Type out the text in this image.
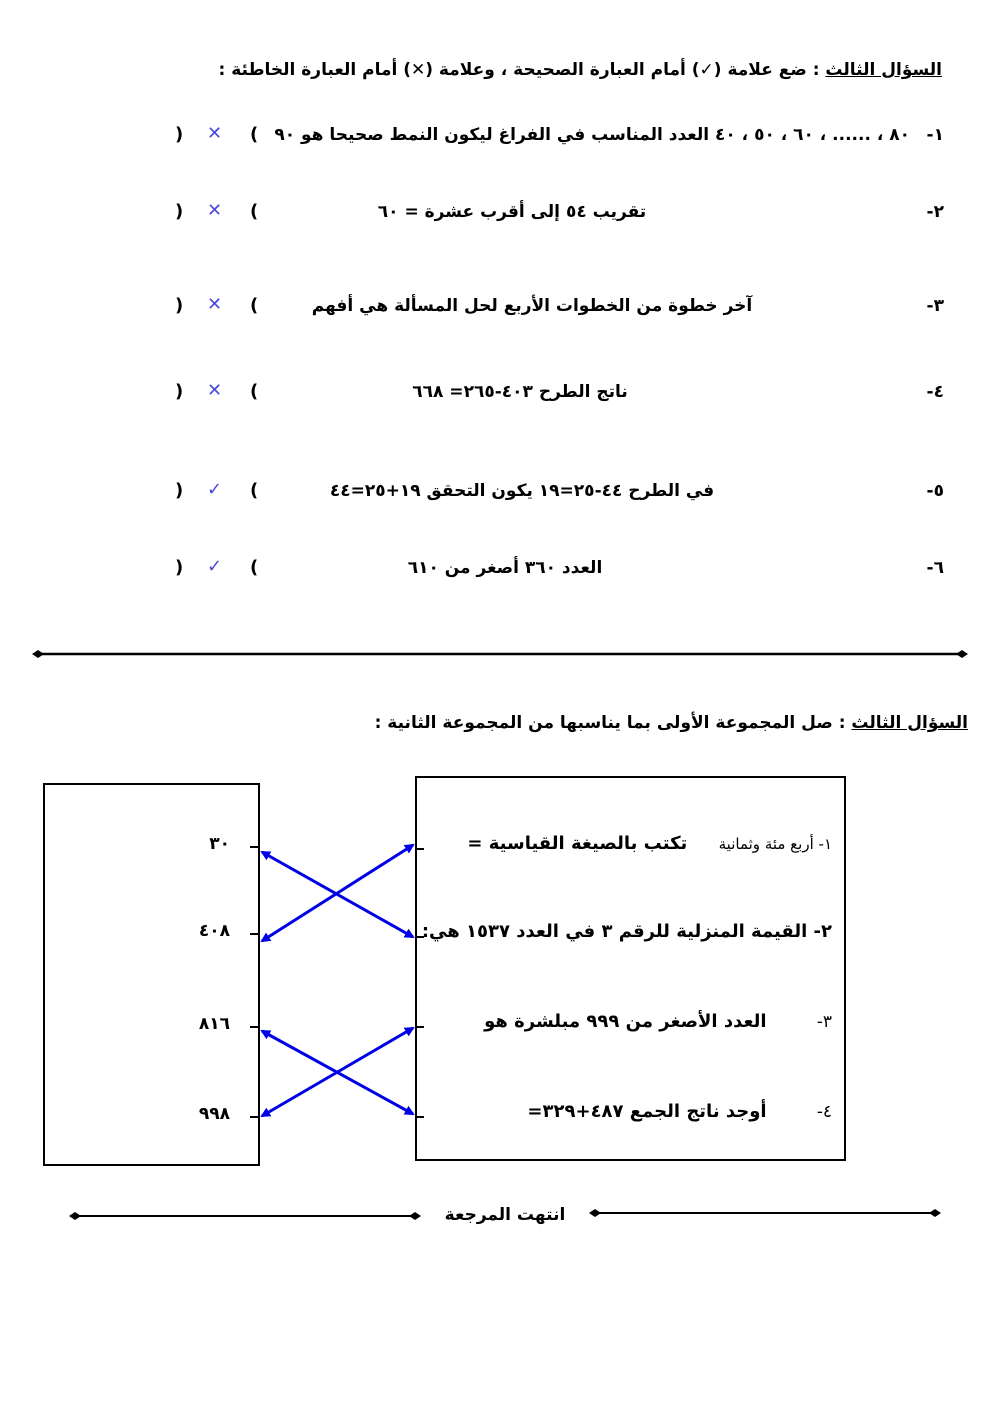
السؤال الثالث : ضع علامة (✓) أمام العبارة الصحيحة ، وعلامة (✕) أمام العبارة الخاطئة :
١-
٨٠ ، ...... ، ٦٠ ، ٥٠ ، ٤٠ العدد المناسب في الفراغ ليكون النمط صحيحا هو ٩٠
(
✕
)
٢-
تقريب ٥٤ إلى أقرب عشرة = ٦٠
(
✕
)
٣-
آخر خطوة من الخطوات الأربع لحل المسألة هي أفهم
(
✕
)
٤-
ناتج الطرح ٤٠٣-٢٦٥= ٦٦٨
(
✕
)
٥-
في الطرح ٤٤-٢٥=١٩ يكون التحقق ١٩+٢٥=٤٤
(
✓
)
٦-
العدد ٣٦٠ أصغر من ٦١٠
(
✓
)
السؤال الثالث : صل المجموعة الأولى بما يناسبها من المجموعة الثانية :
١- أربع مئة وثمانية     تكتب بالصيغة القياسية =
٢- القيمة المنزلية للرقم ٣ في العدد ١٥٣٧ هي:
٣-        العدد الأصغر من ٩٩٩ مبلشرة هو
٤-        أوجد ناتج الجمع ٤٨٧+٣٢٩=
٣٠
٤٠٨
٨١٦
٩٩٨
انتهت المرجعة
